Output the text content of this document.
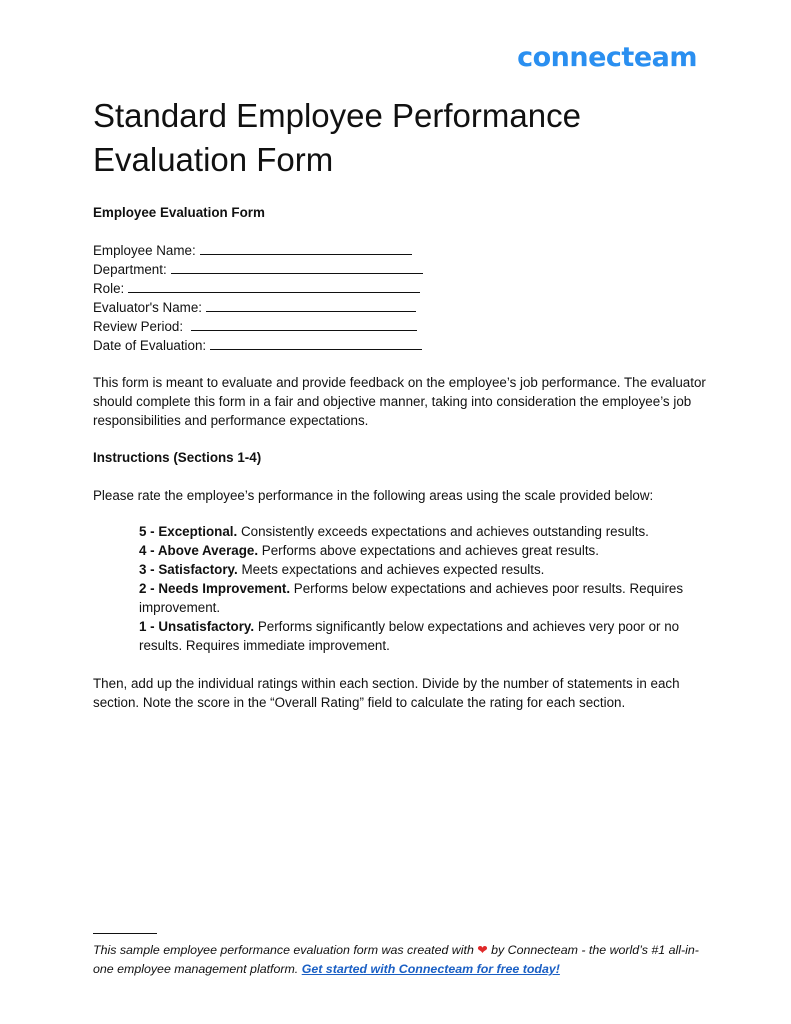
connecteam
Standard Employee Performance Evaluation Form
Employee Evaluation Form
Employee Name:
Department:
Role:
Evaluator's Name:
Review Period:
Date of Evaluation:

This form is meant to evaluate and provide feedback on the employee’s job performance. The evaluator should complete this form in a fair and objective manner, taking into consideration the employee’s job responsibilities and performance expectations.

Instructions (Sections 1-4)

Please rate the employee’s performance in the following areas using the scale provided below:

5 - Exceptional. Consistently exceeds expectations and achieves outstanding results.

4 - Above Average. Performs above expectations and achieves great results.

3 - Satisfactory. Meets expectations and achieves expected results.

2 - Needs Improvement. Performs below expectations and achieves poor results. Requires improvement.

1 - Unsatisfactory. Performs significantly below expectations and achieves very poor or no results. Requires immediate improvement.

Then, add up the individual ratings within each section. Divide by the number of statements in each section. Note the score in the “Overall Rating” field to calculate the rating for each section.

This sample employee performance evaluation form was created with ❤ by Connecteam - the world’s #1 all-in-one employee management platform. Get started with Connecteam for free today!
